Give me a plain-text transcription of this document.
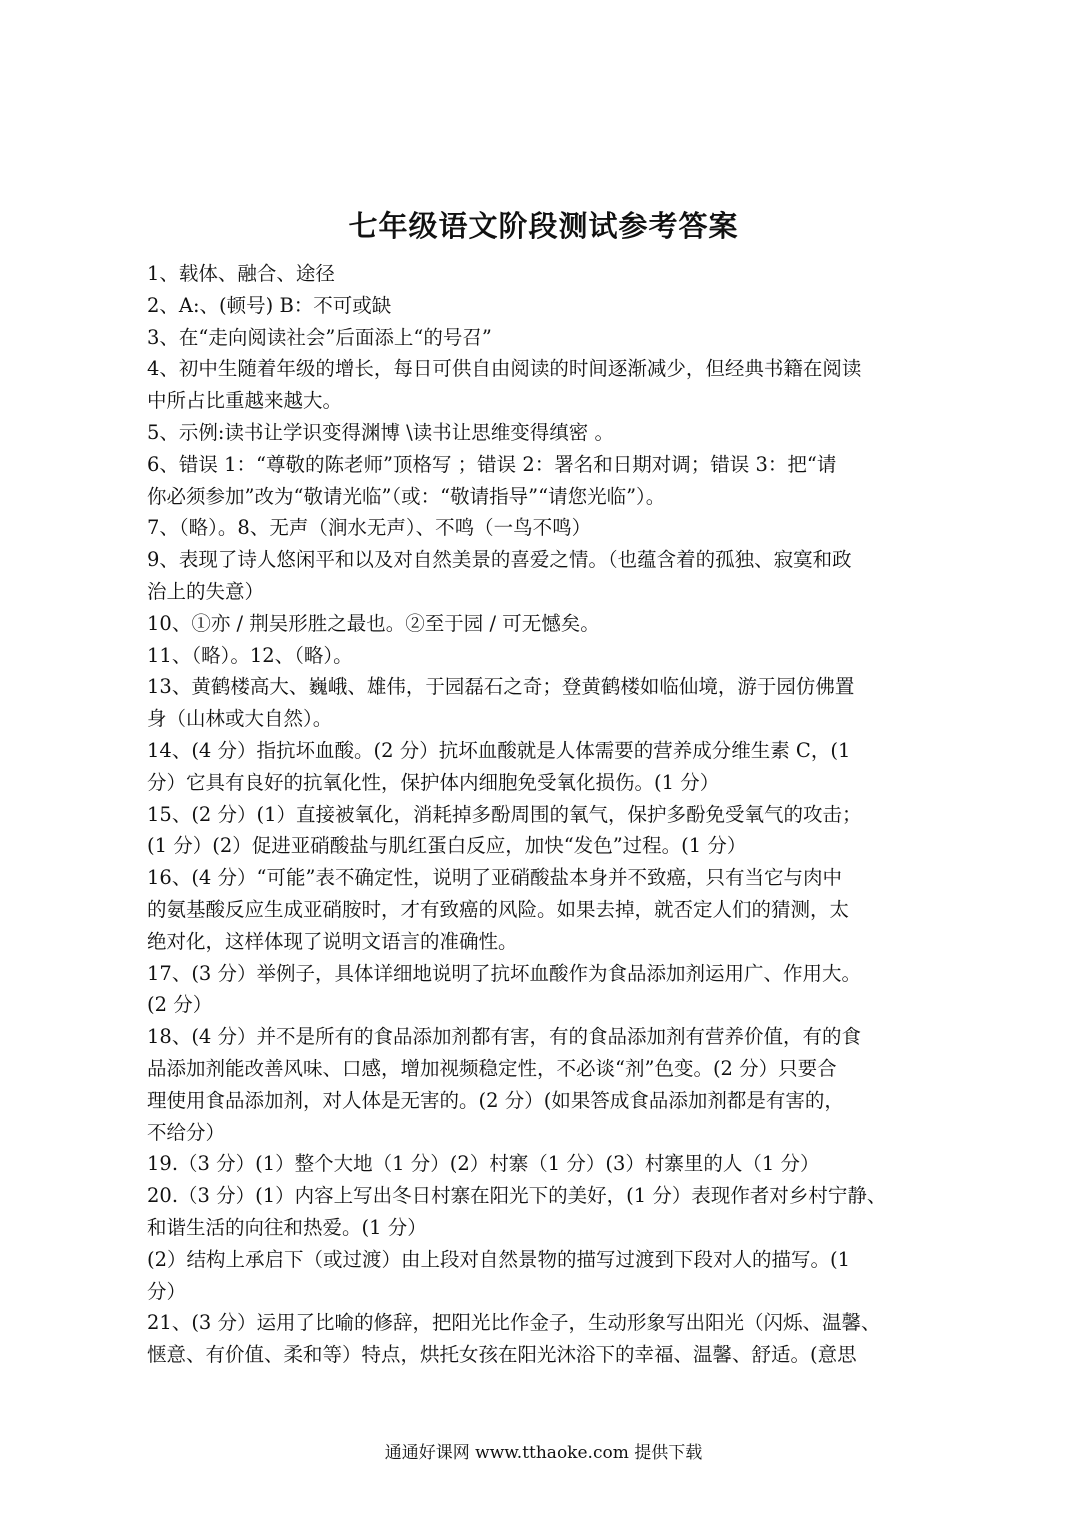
七年级语文阶段测试参考答案
1、载体、融合、途径
2、A:、(顿号) B：不可或缺
3、在“走向阅读社会”后面添上“的号召”
4、初中生随着年级的增长，每日可供自由阅读的时间逐渐减少，但经典书籍在阅读
中所占比重越来越大。
5、示例:读书让学识变得渊博 \读书让思维变得缜密 。
6、错误 1：“尊敬的陈老师”顶格写 ；错误 2：署名和日期对调；错误 3：把“请
你必须参加”改为“敬请光临”（或：“敬请指导”“请您光临”）。
7、（略）。8、无声（涧水无声）、不鸣（一鸟不鸣）
9、表现了诗人悠闲平和以及对自然美景的喜爱之情。（也蕴含着的孤独、寂寞和政
治上的失意）
10、①亦 / 荆吴形胜之最也。②至于园 / 可无憾矣。
11、（略）。12、（略）。
13、黄鹤楼高大、巍峨、雄伟，于园磊石之奇；登黄鹤楼如临仙境，游于园仿佛置
身（山林或大自然）。
14、(4 分）指抗坏血酸。(2 分）抗坏血酸就是人体需要的营养成分维生素 C，(1
分）它具有良好的抗氧化性，保护体内细胞免受氧化损伤。(1 分）
15、(2 分）(1）直接被氧化，消耗掉多酚周围的氧气，保护多酚免受氧气的攻击；
(1 分）(2）促进亚硝酸盐与肌红蛋白反应，加快“发色”过程。(1 分）
16、(4 分）“可能”表不确定性，说明了亚硝酸盐本身并不致癌，只有当它与肉中
的氨基酸反应生成亚硝胺时，才有致癌的风险。如果去掉，就否定人们的猜测，太
绝对化，这样体现了说明文语言的准确性。
17、(3 分）举例子，具体详细地说明了抗坏血酸作为食品添加剂运用广、作用大。
(2 分）
18、(4 分）并不是所有的食品添加剂都有害，有的食品添加剂有营养价值，有的食
品添加剂能改善风味、口感，增加视频稳定性，不必谈“剂”色变。(2 分）只要合
理使用食品添加剂，对人体是无害的。(2 分）(如果答成食品添加剂都是有害的，
不给分）
19.（3 分）(1）整个大地（1 分）(2）村寨（1 分）(3）村寨里的人（1 分）
20.（3 分）(1）内容上写出冬日村寨在阳光下的美好，(1 分）表现作者对乡村宁静、
和谐生活的向往和热爱。(1 分）
(2）结构上承启下（或过渡）由上段对自然景物的描写过渡到下段对人的描写。(1
分）
21、(3 分）运用了比喻的修辞，把阳光比作金子，生动形象写出阳光（闪烁、温馨、
惬意、有价值、柔和等）特点，烘托女孩在阳光沐浴下的幸福、温馨、舒适。(意思
通通好课网 www.tthaoke.com 提供下载
